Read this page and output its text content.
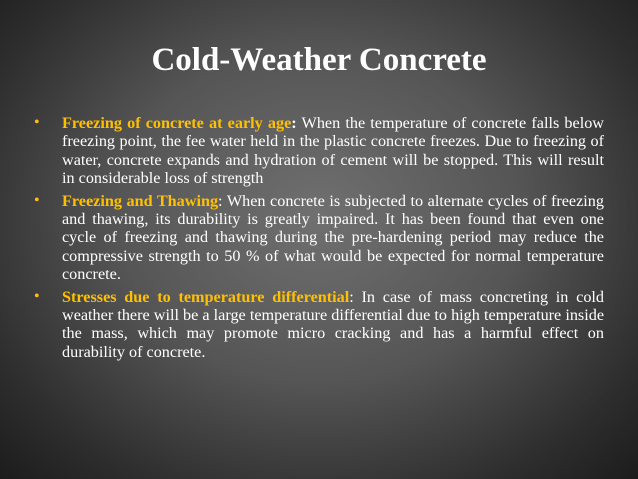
Cold-Weather Concrete
• Freezing of concrete at early age: When the temperature of concrete falls below freezing point, the fee water held in the plastic concrete freezes. Due to freezing of water, concrete expands and hydration of cement will be stopped. This will result in considerable loss of strength
• Freezing and Thawing: When concrete is subjected to alternate cycles of freezing and thawing, its durability is greatly impaired. It has been found that even one cycle of freezing and thawing during the pre-hardening period may reduce the compressive strength to 50 % of what would be expected for normal temperature concrete.
• Stresses due to temperature differential: In case of mass concreting in cold weather there will be a large temperature differential due to high temperature inside the mass, which may promote micro cracking and has a harmful effect on durability of concrete.
